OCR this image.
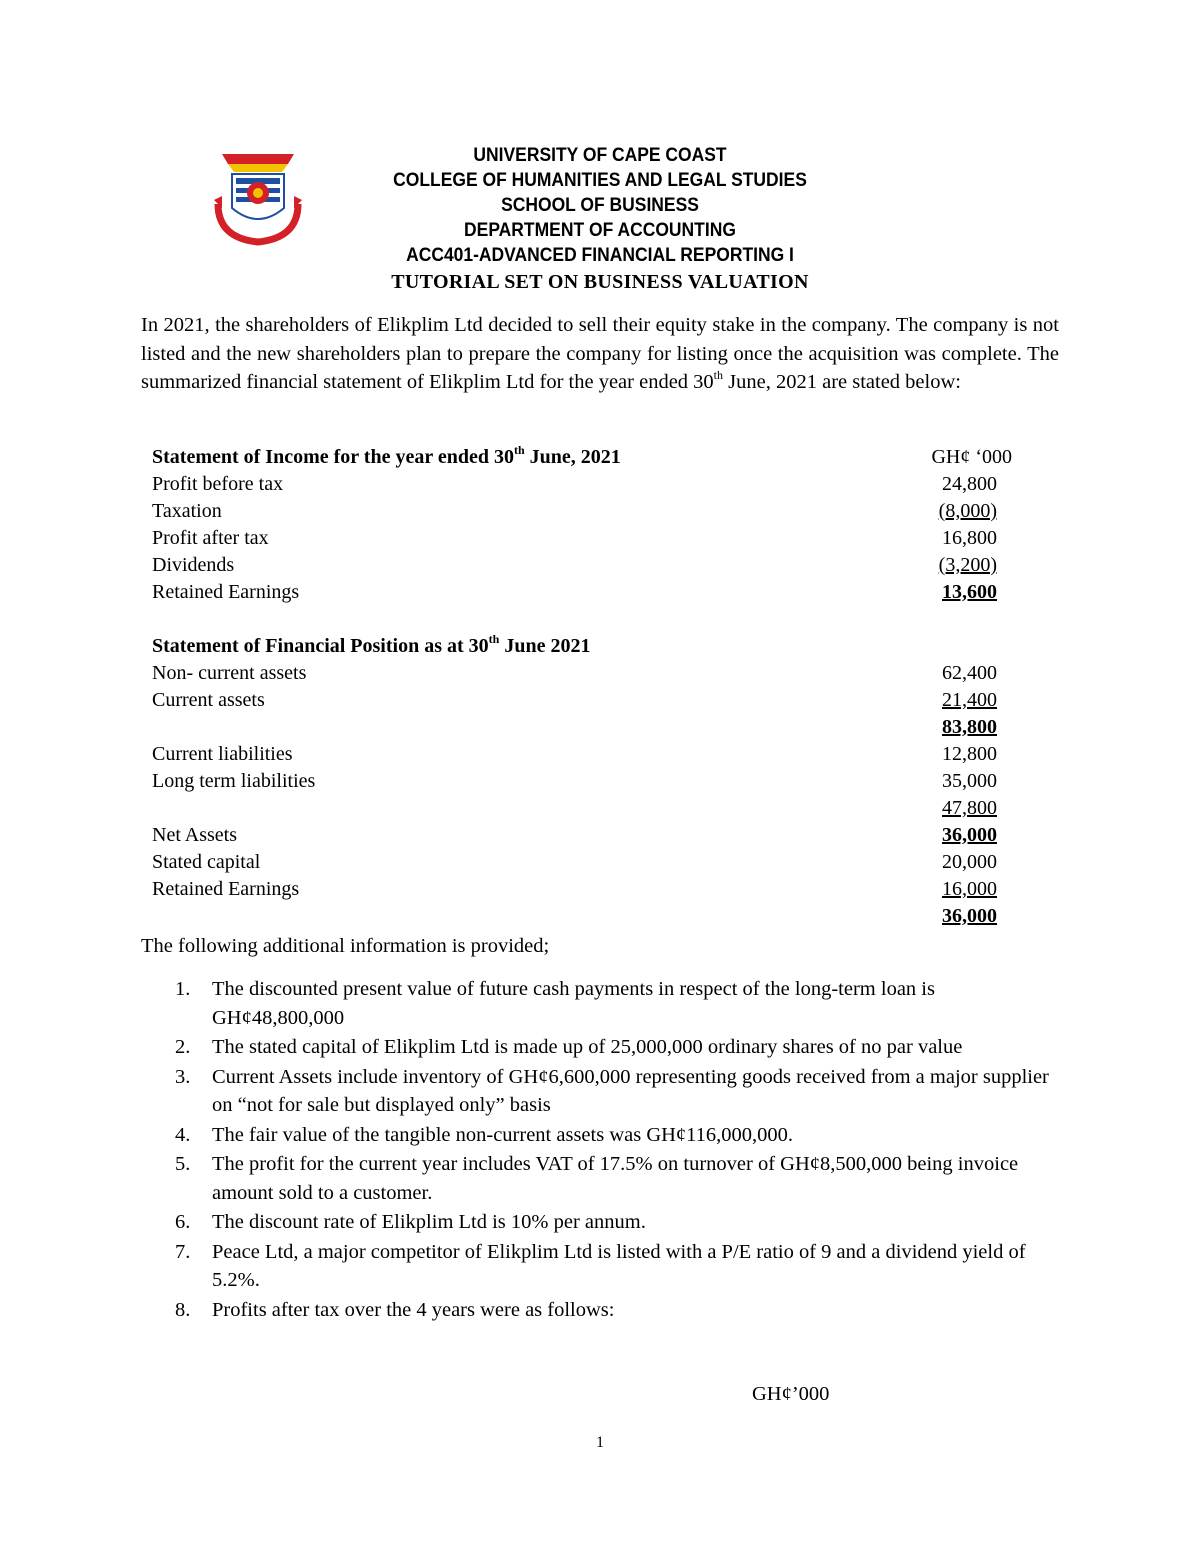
UNIVERSITY OF CAPE COAST
COLLEGE OF HUMANITIES AND LEGAL STUDIES
SCHOOL OF BUSINESS
DEPARTMENT OF ACCOUNTING
ACC401-ADVANCED FINANCIAL REPORTING I
TUTORIAL SET ON BUSINESS VALUATION

In 2021, the shareholders of Elikplim Ltd decided to sell their equity stake in the company. The company is not listed and the new shareholders plan to prepare the company for listing once the acquisition was complete. The summarized financial statement of Elikplim Ltd for the year ended 30th June, 2021 are stated below:

Statement of Income for the year ended 30th June, 2021	GH¢ ‘000
Profit before tax	24,800
Taxation	(8,000)
Profit after tax	16,800
Dividends	(3,200)
Retained Earnings	13,600
Statement of Financial Position as at 30th June 2021
Non- current assets	62,400
Current assets	21,400
83,800
Current liabilities	12,800
Long term liabilities	35,000
47,800
Net Assets	36,000
Stated capital	20,000
Retained Earnings	16,000
36,000
The following additional information is provided;
1. The discounted present value of future cash payments in respect of the long-term loan is GH¢48,800,000
2. The stated capital of Elikplim Ltd is made up of 25,000,000 ordinary shares of no par value
3. Current Assets include inventory of GH¢6,600,000 representing goods received from a major supplier on “not for sale but displayed only” basis
4. The fair value of the tangible non-current assets was GH¢116,000,000.
5. The profit for the current year includes VAT of 17.5% on turnover of GH¢8,500,000 being invoice amount sold to a customer.
6. The discount rate of Elikplim Ltd is 10% per annum.
7. Peace Ltd, a major competitor of Elikplim Ltd is listed with a P/E ratio of 9 and a dividend yield of 5.2%.
8. Profits after tax over the 4 years were as follows:
GH¢’000
1
